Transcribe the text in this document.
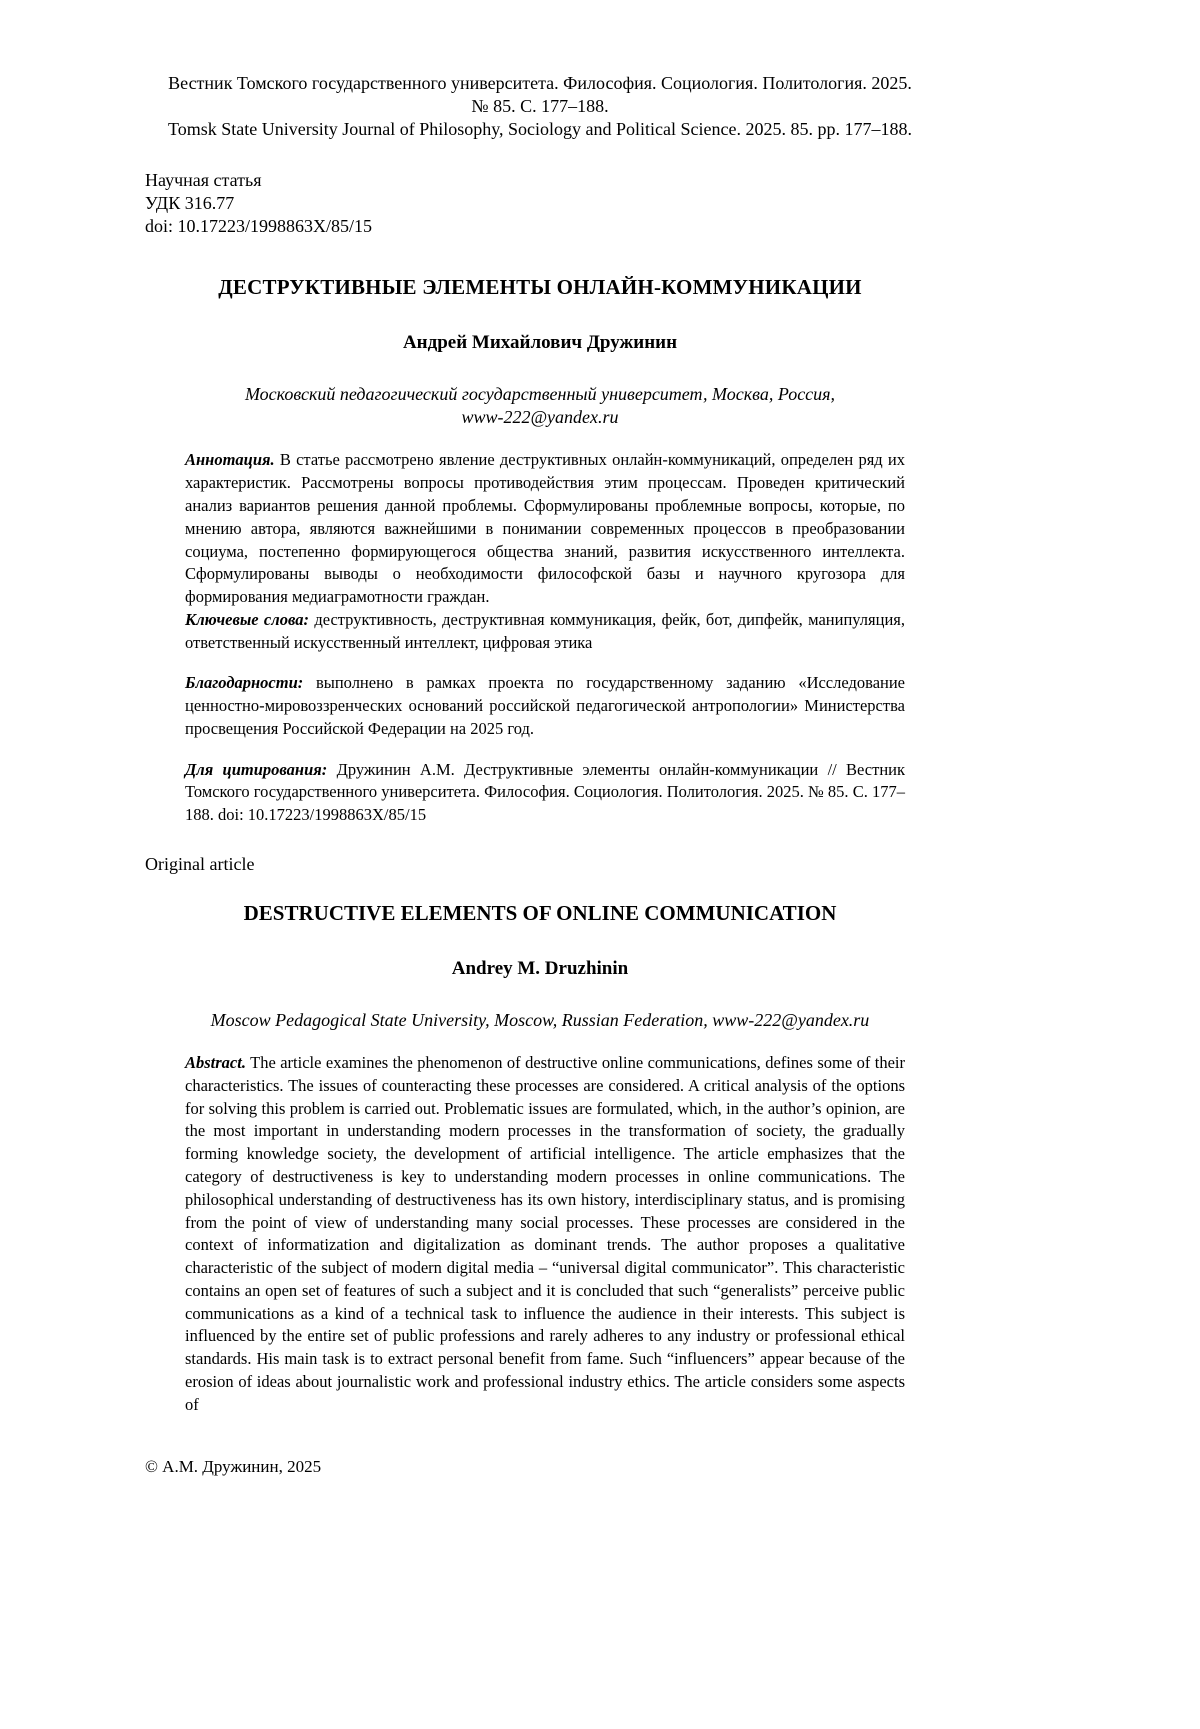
Вестник Томского государственного университета. Философия. Социология. Политология. 2025.
№ 85. С. 177–188.
Tomsk State University Journal of Philosophy, Sociology and Political Science. 2025. 85. pp. 177–188.
Научная статья
УДК 316.77
doi: 10.17223/1998863X/85/15
ДЕСТРУКТИВНЫЕ ЭЛЕМЕНТЫ ОНЛАЙН-КОММУНИКАЦИИ
Андрей Михайлович Дружинин
Московский педагогический государственный университет, Москва, Россия,
www-222@yandex.ru
Аннотация. В статье рассмотрено явление деструктивных онлайн-коммуникаций, определен ряд их характеристик. Рассмотрены вопросы противодействия этим процессам. Проведен критический анализ вариантов решения данной проблемы. Сформулированы проблемные вопросы, которые, по мнению автора, являются важнейшими в понимании современных процессов в преобразовании социума, постепенно формирующегося общества знаний, развития искусственного интеллекта. Сформулированы выводы о необходимости философской базы и научного кругозора для формирования медиаграмотности граждан.
Ключевые слова: деструктивность, деструктивная коммуникация, фейк, бот, дипфейк, манипуляция, ответственный искусственный интеллект, цифровая этика
Благодарности: выполнено в рамках проекта по государственному заданию «Исследование ценностно-мировоззренческих оснований российской педагогической антропологии» Министерства просвещения Российской Федерации на 2025 год.
Для цитирования: Дружинин А.М. Деструктивные элементы онлайн-коммуникации // Вестник Томского государственного университета. Философия. Социология. Политология. 2025. № 85. С. 177–188. doi: 10.17223/1998863X/85/15
Original article
DESTRUCTIVE ELEMENTS OF ONLINE COMMUNICATION
Andrey M. Druzhinin
Moscow Pedagogical State University, Moscow, Russian Federation, www-222@yandex.ru
Abstract. The article examines the phenomenon of destructive online communications, defines some of their characteristics. The issues of counteracting these processes are considered. A critical analysis of the options for solving this problem is carried out. Problematic issues are formulated, which, in the author’s opinion, are the most important in understanding modern processes in the transformation of society, the gradually forming knowledge society, the development of artificial intelligence. The article emphasizes that the category of destructiveness is key to understanding modern processes in online communications. The philosophical understanding of destructiveness has its own history, interdisciplinary status, and is promising from the point of view of understanding many social processes. These processes are considered in the context of informatization and digitalization as dominant trends. The author proposes a qualitative characteristic of the subject of modern digital media – “universal digital communicator”. This characteristic contains an open set of features of such a subject and it is concluded that such “generalists” perceive public communications as a kind of a technical task to influence the audience in their interests. This subject is influenced by the entire set of public professions and rarely adheres to any industry or professional ethical standards. His main task is to extract personal benefit from fame. Such “influencers” appear because of the erosion of ideas about journalistic work and professional industry ethics. The article considers some aspects of
© А.М. Дружинин, 2025
